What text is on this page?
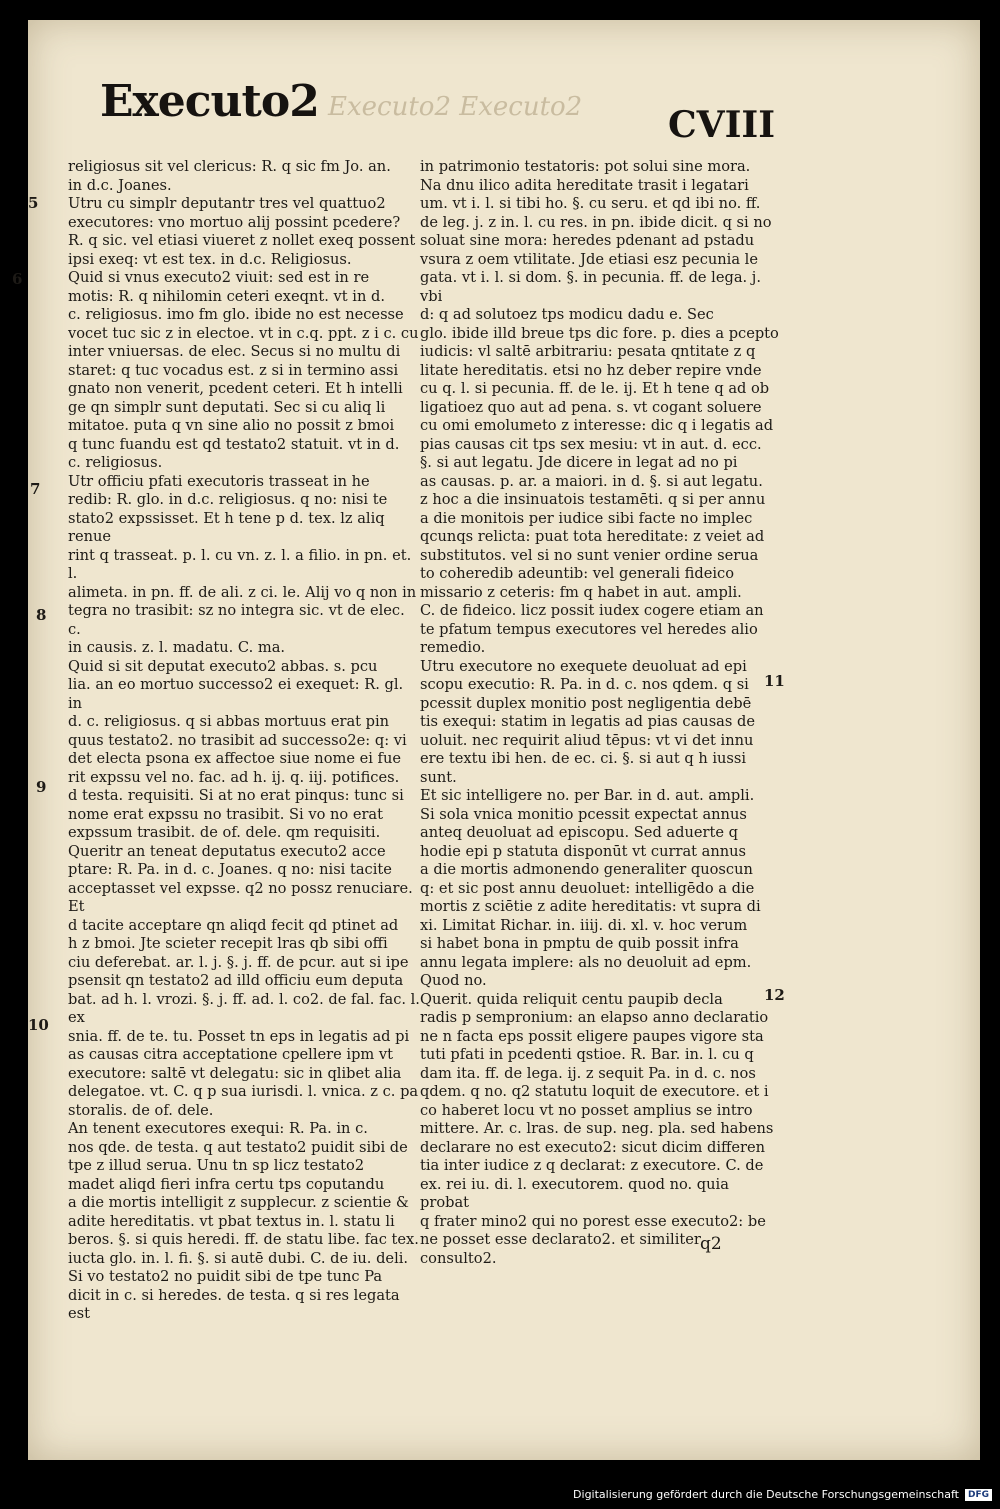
Executo2 Executo2 Executo2 CVIII

religiosus sit vel clericus: R. q sic fm Jo. an.

in d.c. Joanes.

Utru cu simplr deputantr tres vel quattuo2

executores: vno mortuo alij possint pcedere?

R. q sic. vel etiasi viueret z nollet exeq possent

ipsi exeq: vt est tex. in d.c. Religiosus.

Quid si vnus executo2 viuit: sed est in re

motis: R. q nihilomin ceteri exeqnt. vt in d.

c. religiosus. imo fm glo. ibide no est necesse

vocet tuc sic z in electoe. vt in c.q. ppt. z i c. cu

inter vniuersas. de elec. Secus si no multu di

staret: q tuc vocadus est. z si in termino assi

gnato non venerit, pcedent ceteri. Et h intelli

ge qn simplr sunt deputati. Sec si cu aliq li

mitatoe. puta q vn sine alio no possit z bmoi

q tunc fuandu est qd testato2 statuit. vt in d.

c. religiosus.

Utr officiu pfati executoris trasseat in he

redib: R. glo. in d.c. religiosus. q no: nisi te

stato2 expssisset. Et h tene p d. tex. lz aliq renue

rint q trasseat. p. l. cu vn. z. l. a filio. in pn. et. l.

alimeta. in pn. ff. de ali. z ci. le. Alij vo q non in

tegra no trasibit: sz no integra sic. vt de elec. c.

in causis. z. l. madatu. C. ma.

Quid si sit deputat executo2 abbas. s. pcu

lia. an eo mortuo successo2 ei exequet: R. gl. in

d. c. religiosus. q si abbas mortuus erat pin

quus testato2. no trasibit ad successo2e: q: vi

det electa psona ex affectoe siue nome ei fue

rit expssu vel no. fac. ad h. ij. q. iij. potifices.

d testa. requisiti. Si at no erat pinqus: tunc si

nome erat expssu no trasibit. Si vo no erat

expssum trasibit. de of. dele. qm requisiti.

Queritr an teneat deputatus executo2 acce

ptare: R. Pa. in d. c. Joanes. q no: nisi tacite

acceptasset vel expsse. q2 no possz renuciare. Et

d tacite acceptare qn aliqd fecit qd ptinet ad

h z bmoi. Jte scieter recepit lras qb sibi offi

ciu deferebat. ar. l. j. §. j. ff. de pcur. aut si ipe

psensit qn testato2 ad illd officiu eum deputa

bat. ad h. l. vrozi. §. j. ff. ad. l. co2. de fal. fac. l. ex

snia. ff. de te. tu. Posset tn eps in legatis ad pi

as causas citra acceptatione cpellere ipm vt

executore: saltē vt delegatu: sic in qlibet alia

delegatoe. vt. C. q p sua iurisdi. l. vnica. z c. pa

storalis. de of. dele.

An tenent executores exequi: R. Pa. in c.

nos qde. de testa. q aut testato2 puidit sibi de

tpe z illud serua. Unu tn sp licz testato2

madet aliqd fieri infra certu tps coputandu

a die mortis intelligit z supplecur. z scientie &

adite hereditatis. vt pbat textus in. l. statu li

beros. §. si quis heredi. ff. de statu libe. fac tex.

iucta glo. in. l. fi. §. si autē dubi. C. de iu. deli.

Si vo testato2 no puidit sibi de tpe tunc Pa

dicit in c. si heredes. de testa. q si res legata est

in patrimonio testatoris: pot solui sine mora.

Na dnu ilico adita hereditate trasit i legatari

um. vt i. l. si tibi ho. §. cu seru. et qd ibi no. ff.

de leg. j. z in. l. cu res. in pn. ibide dicit. q si no

soluat sine mora: heredes pdenant ad pstadu

vsura z oem vtilitate. Jde etiasi esz pecunia le

gata. vt i. l. si dom. §. in pecunia. ff. de lega. j. vbi

d: q ad solutoez tps modicu dadu e. Sec

glo. ibide illd breue tps dic fore. p. dies a pcepto

iudicis: vl saltē arbitrariu: pesata qntitate z q

litate hereditatis. etsi no hz deber repire vnde

cu q. l. si pecunia. ff. de le. ij. Et h tene q ad ob

ligatioez quo aut ad pena. s. vt cogant soluere

cu omi emolumeto z interesse: dic q i legatis ad

pias causas cit tps sex mesiu: vt in aut. d. ecc.

§. si aut legatu. Jde dicere in legat ad no pi

as causas. p. ar. a maiori. in d. §. si aut legatu.

z hoc a die insinuatois testamēti. q si per annu

a die monitois per iudice sibi facte no implec

qcunqs relicta: puat tota hereditate: z veiet ad

substitutos. vel si no sunt venier ordine serua

to coheredib adeuntib: vel generali fideico

missario z ceteris: fm q habet in aut. ampli.

C. de fideico. licz possit iudex cogere etiam an

te pfatum tempus executores vel heredes alio

remedio.

Utru executore no exequete deuoluat ad epi

scopu executio: R. Pa. in d. c. nos qdem. q si

pcessit duplex monitio post negligentia debē

tis exequi: statim in legatis ad pias causas de

uoluit. nec requirit aliud tēpus: vt vi det innu

ere textu ibi hen. de ec. ci. §. si aut q h iussi sunt.

Et sic intelligere no. per Bar. in d. aut. ampli.

Si sola vnica monitio pcessit expectat annus

anteq deuoluat ad episcopu. Sed aduerte q

hodie epi p statuta disponūt vt currat annus

a die mortis admonendo generaliter quoscun

q: et sic post annu deuoluet: intelligēdo a die

mortis z sciētie z adite hereditatis: vt supra di

xi. Limitat Richar. in. iiij. di. xl. v. hoc verum

si habet bona in pmptu de quib possit infra

annu legata implere: als no deuoluit ad epm.

Quod no.

Querit. quida reliquit centu paupib decla

radis p sempronium: an elapso anno declaratio

ne n facta eps possit eligere paupes vigore sta

tuti pfati in pcedenti qstioe. R. Bar. in. l. cu q

dam ita. ff. de lega. ij. z sequit Pa. in d. c. nos

qdem. q no. q2 statutu loquit de executore. et i

co haberet locu vt no posset amplius se intro

mittere. Ar. c. lras. de sup. neg. pla. sed habens

declarare no est executo2: sicut dicim differen

tia inter iudice z q declarat: z executore. C. de

ex. rei iu. di. l. executorem. quod no. quia probat

q frater mino2 qui no porest esse executo2: be

ne posset esse declarato2. et similiter consulto2.

5
6
7
8
9
10
11
12
q2
Digitalisierung gefördert durch die Deutsche Forschungsgemeinschaft	DFG
